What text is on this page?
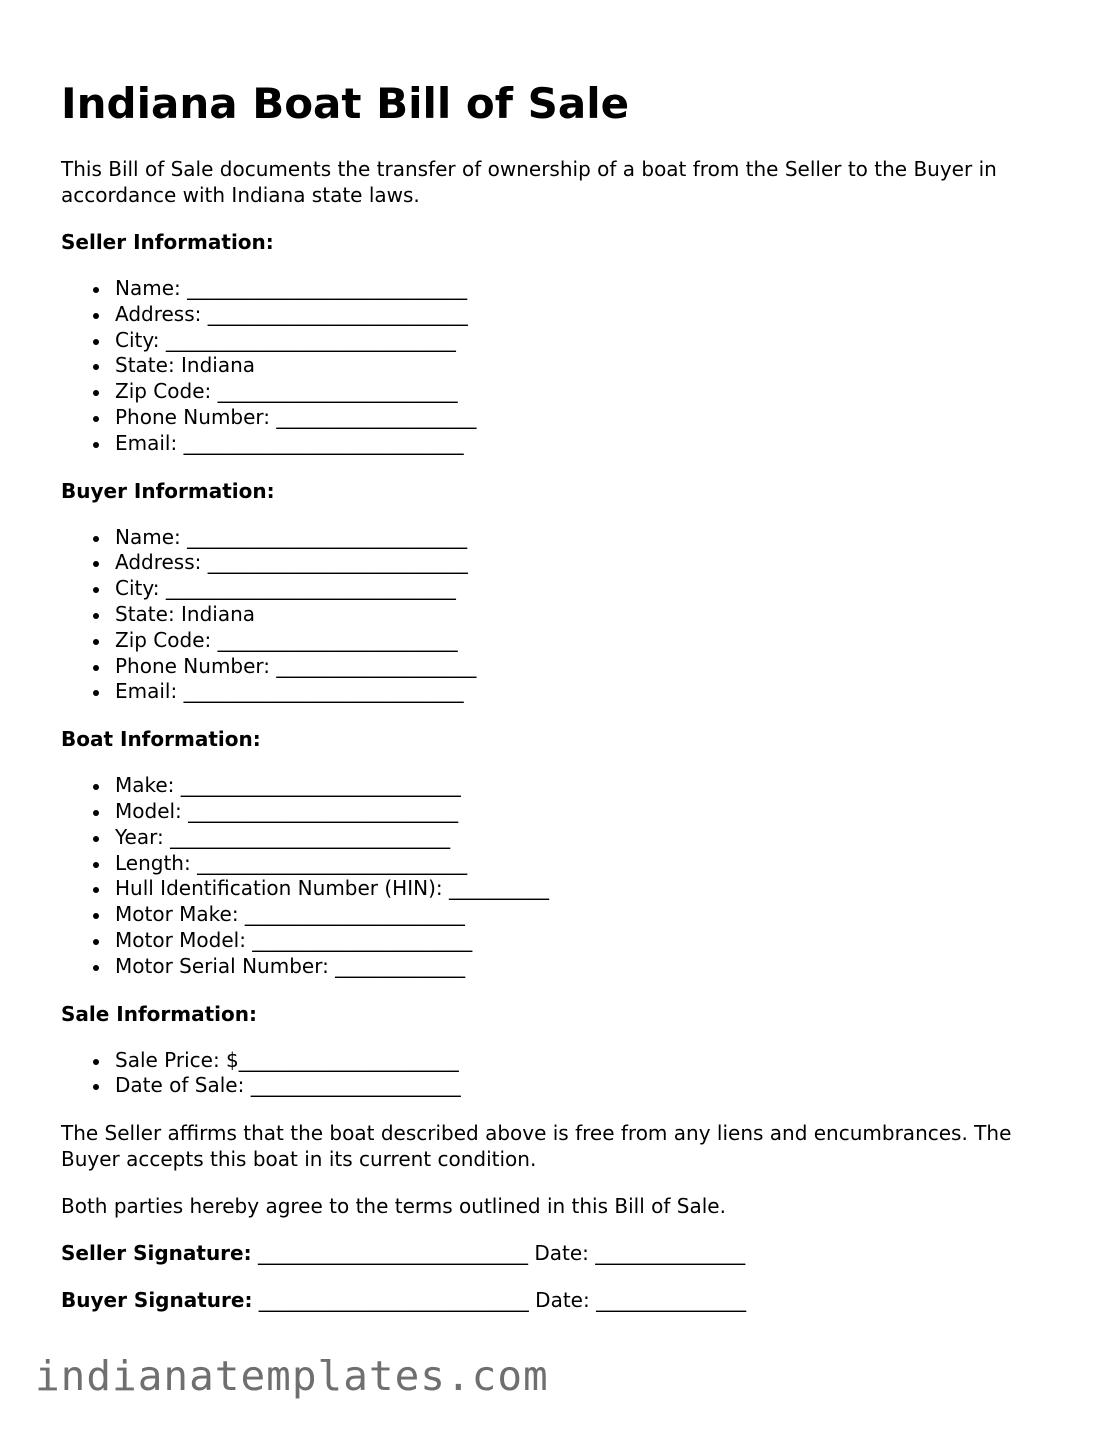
Indiana Boat Bill of Sale

This Bill of Sale documents the transfer of ownership of a boat from the Seller to the Buyer in accordance with Indiana state laws.

Seller Information:
Name: ____________________________
Address: __________________________
City: _____________________________
State: Indiana
Zip Code: ________________________
Phone Number: ____________________
Email: ____________________________
Buyer Information:
Name: ____________________________
Address: __________________________
City: _____________________________
State: Indiana
Zip Code: ________________________
Phone Number: ____________________
Email: ____________________________
Boat Information:
Make: ____________________________
Model: ___________________________
Year: ____________________________
Length: ___________________________
Hull Identification Number (HIN): __________
Motor Make: ______________________
Motor Model: ______________________
Motor Serial Number: _____________
Sale Information:
Sale Price: $______________________
Date of Sale: _____________________

The Seller affirms that the boat described above is free from any liens and encumbrances. The Buyer accepts this boat in its current condition.

Both parties hereby agree to the terms outlined in this Bill of Sale.

Seller Signature: ___________________________ Date: _______________
Buyer Signature: ___________________________ Date: _______________
indianatemplates.com
